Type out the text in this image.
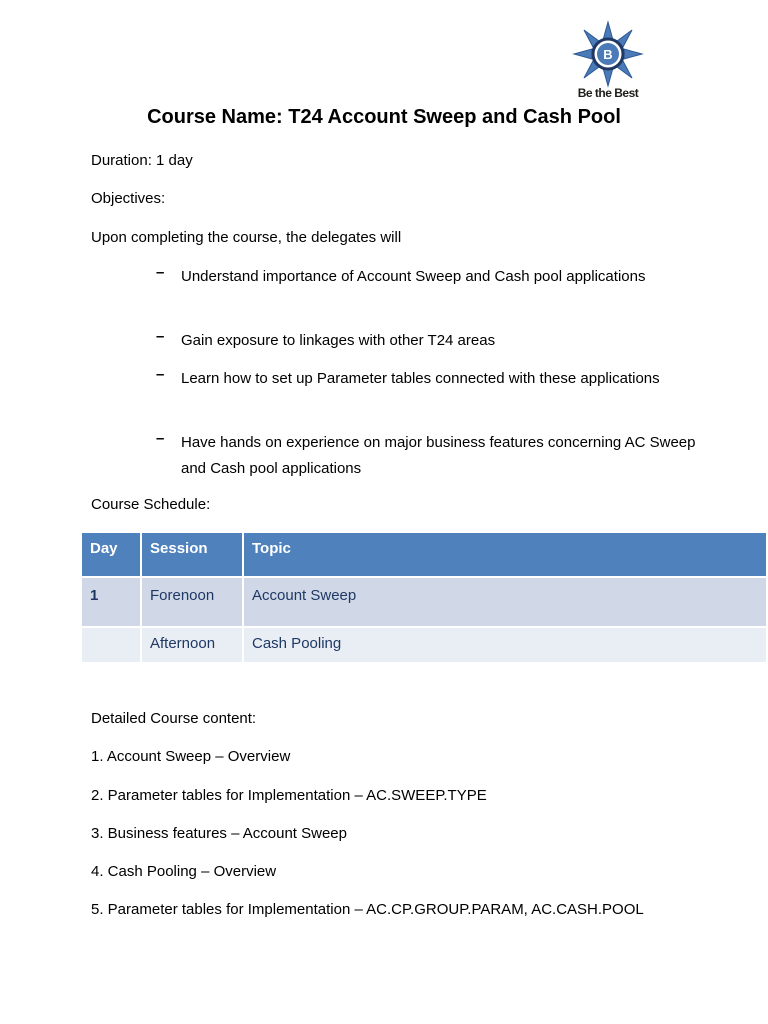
B
Be the Best
Course Name: T24 Account Sweep and Cash Pool
Duration: 1 day
Objectives:
Upon completing the course, the delegates will
– Understand importance of Account Sweep and Cash pool applications
– Gain exposure to linkages with other T24 areas
– Learn how to set up Parameter tables connected with these applications
– Have hands on experience on major business features concerning AC Sweep and Cash pool applications
Course Schedule:
Day	Session	Topic
1	Forenoon	Account Sweep
	Afternoon	Cash Pooling
Detailed Course content:
1. Account Sweep – Overview
2. Parameter tables for Implementation – AC.SWEEP.TYPE
3. Business features – Account Sweep
4. Cash Pooling – Overview
5. Parameter tables for Implementation – AC.CP.GROUP.PARAM, AC.CASH.POOL
